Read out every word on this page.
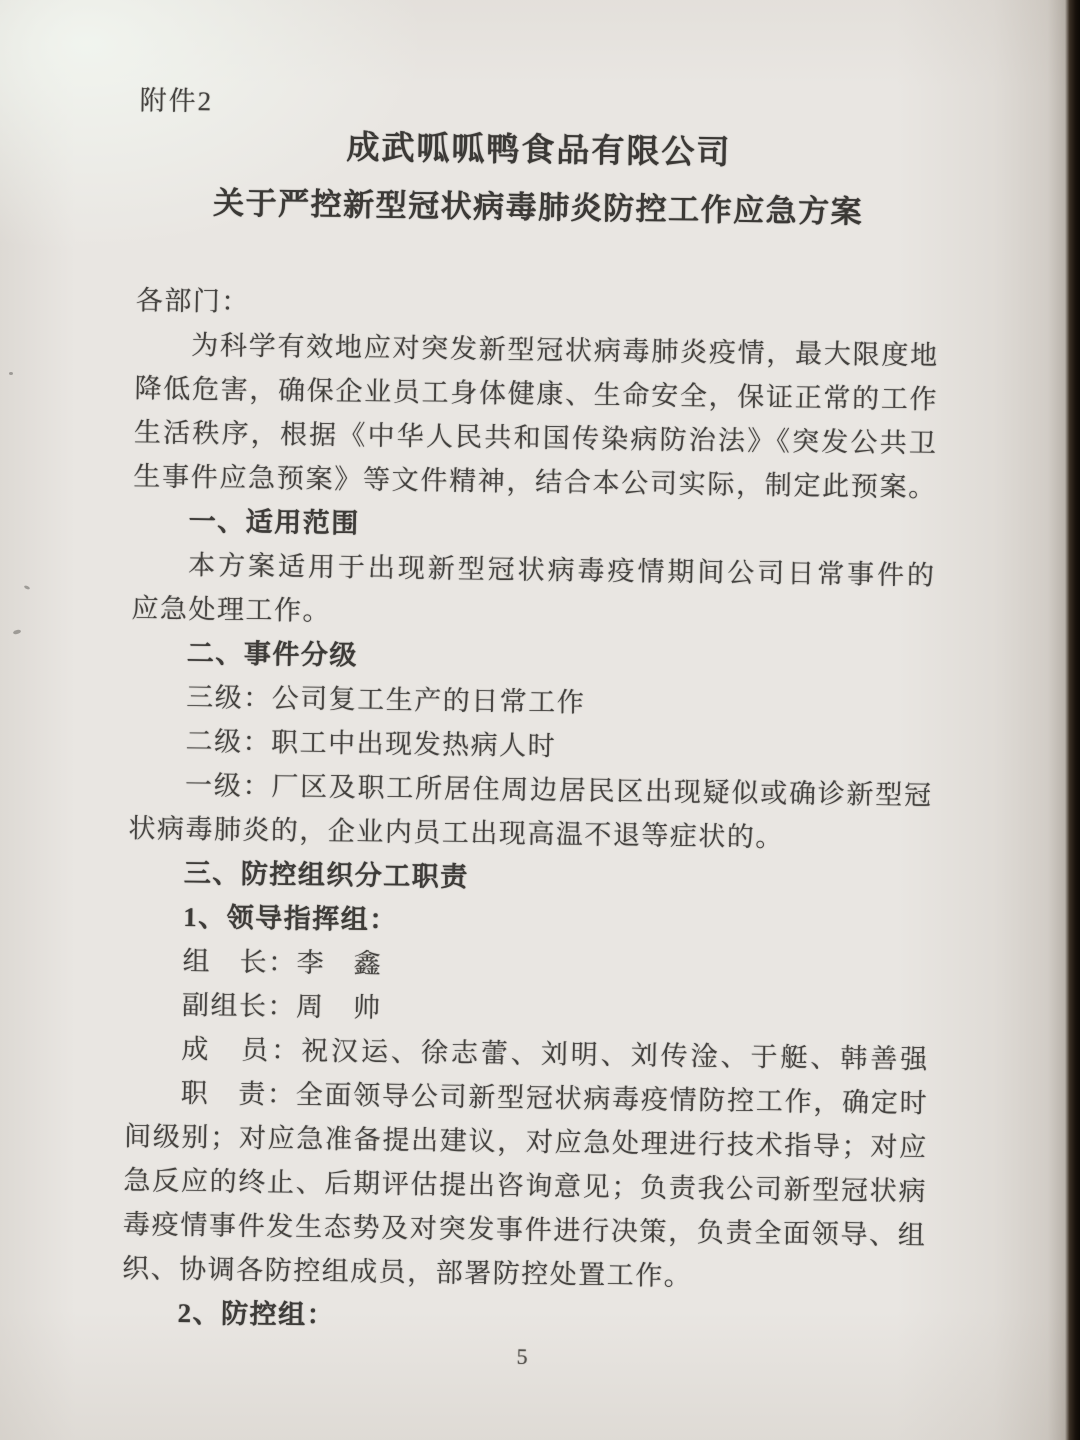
附件2
成武呱呱鸭食品有限公司
关于严控新型冠状病毒肺炎防控工作应急方案
各部门：
为科学有效地应对突发新型冠状病毒肺炎疫情，最大限度地
降低危害，确保企业员工身体健康、生命安全，保证正常的工作
生活秩序，根据《中华人民共和国传染病防治法》《突发公共卫
生事件应急预案》等文件精神，结合本公司实际，制定此预案。
一、适用范围
本方案适用于出现新型冠状病毒疫情期间公司日常事件的
应急处理工作。
二、事件分级
三级：公司复工生产的日常工作
二级：职工中出现发热病人时
一级：厂区及职工所居住周边居民区出现疑似或确诊新型冠
状病毒肺炎的，企业内员工出现高温不退等症状的。
三、防控组织分工职责
1、领导指挥组：
组　长：李　鑫
副组长：周　帅
成　员：祝汉运、徐志蕾、刘明、刘传淦、于艇、韩善强
职　责：全面领导公司新型冠状病毒疫情防控工作，确定时
间级别；对应急准备提出建议，对应急处理进行技术指导；对应
急反应的终止、后期评估提出咨询意见；负责我公司新型冠状病
毒疫情事件发生态势及对突发事件进行决策，负责全面领导、组
织、协调各防控组成员，部署防控处置工作。
2、防控组：
5
